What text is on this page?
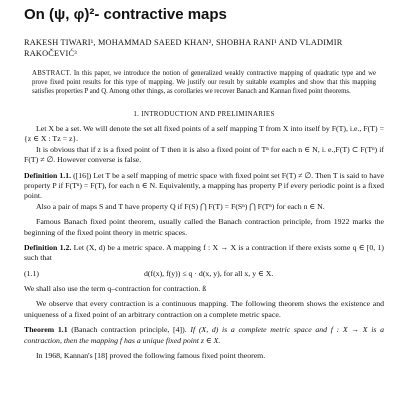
On (ψ, φ)²- contractive maps
RAKESH TIWARI¹, MOHAMMAD SAEED KHAN², SHOBHA RANI¹ AND VLADIMIR
RAKOČEVIĆ³
ABSTRACT. In this paper, we introduce the notion of generalized weakly contractive mapping of quadratic type and we prove fixed point results for this type of mapping. We justify our result by suitable examples and show that this mapping satisfies properties P and Q. Among other things, as corollaries we recover Banach and Kannan fixed point theorems.
1. INTRODUCTION AND PRELIMINARIES

Let X be a set. We will denote the set all fixed points of a self mapping T from X into itself by F(T), i.e., F(T) = {z ∈ X : Tz = z}.

It is obvious that if z is a fixed point of T then it is also a fixed point of Tⁿ for each n ∈ N, i. e.,F(T) ⊂ F(Tⁿ) if F(T) ≠ ∅. However converse is false.

Definition 1.1. ([16]) Let T be a self mapping of metric space with fixed point set F(T) ≠ ∅. Then T is said to have property P if F(Tⁿ) = F(T), for each n ∈ N. Equivalently, a mapping has property P if every periodic point is a fixed point.

Also a pair of maps S and T have property Q if F(S) ⋂ F(T) = F(Sⁿ) ⋂ F(Tⁿ) for each n ∈ N.

Famous Banach fixed point theorem, usually called the Banach contraction principle, from 1922 marks the beginning of the fixed point theory in metric spaces.

Definition 1.2. Let (X, d) be a metric space. A mapping f : X → X is a contraction if there exists some q ∈ [0, 1) such that

(1.1)	d(f(x), f(y)) ≤ q · d(x, y), for all x, y ∈ X.

We shall also use the term q–contraction for contraction. ß

We observe that every contraction is a continuous mapping. The following theorem shows the existence and uniqueness of a fixed point of an arbitrary contraction on a complete metric space.

Theorem 1.1 (Banach contraction principle, [4]). If (X, d) is a complete metric space and f : X → X is a contraction, then the mapping f has a unique fixed point z ∈ X.

In 1968, Kannan's [18] proved the following famous fixed point theorem.
